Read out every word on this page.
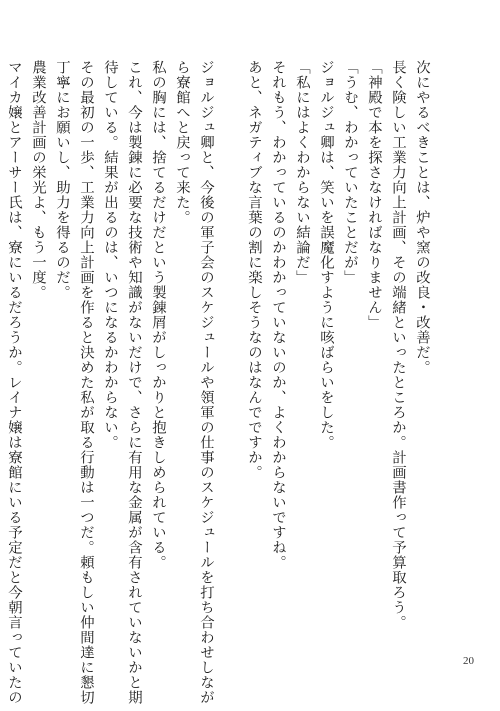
次にやるべきことは、炉や窯の改良・改善だ。
長く険しい工業力向上計画、その端緒といったところか。計画書作って予算取ろう。
「神殿で本を探さなければなりません」
「うむ、わかっていたことだが」
ジョルジュ卿は、笑いを誤魔化すように咳ばらいをした。
「私にはよくわからない結論だ」
それもう、わかっているのかわかっていないのか、よくわからないですね。
あと、ネガティブな言葉の割に楽しそうなのはなんでですか。
ジョルジュ卿と、今後の軍子会のスケジュールや領軍の仕事のスケジュールを打ち合わせしなが
ら寮館へと戻って来た。
私の胸には、捨てるだけだという製錬屑がしっかりと抱きしめられている。
これ、今は製錬に必要な技術や知識がないだけで、さらに有用な金属が含有されていないかと期
待している。結果が出るのは、いつになるかわからない。
その最初の一歩、工業力向上計画を作ると決めた私が取る行動は一つだ。頼もしい仲間達に懇切
丁寧にお願いし、助力を得るのだ。
農業改善計画の栄光よ、もう一度。
マイカ嬢とアーサー氏は、寮にいるだろうか。レイナ嬢は寮館にいる予定だと今朝言っていたの	20
